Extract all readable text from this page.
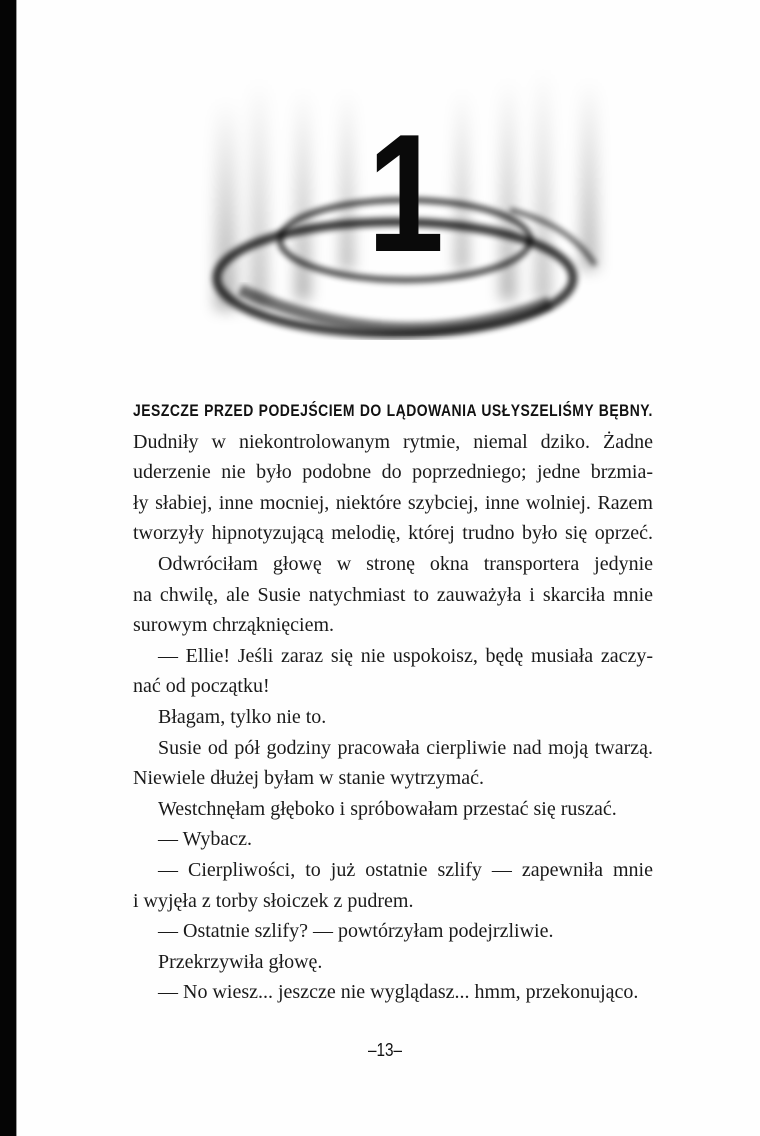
1
JESZCZE PRZED PODEJŚCIEM DO LĄDOWANIA USŁYSZELIŚMY BĘBNY.
Dudniły w niekontrolowanym rytmie, niemal dziko. Żadne
uderzenie nie było podobne do poprzedniego; jedne brzmia-
ły słabiej, inne mocniej, niektóre szybciej, inne wolniej. Razem
tworzyły hipnotyzującą melodię, której trudno było się oprzeć.
Odwróciłam głowę w stronę okna transportera jedynie
na chwilę, ale Susie natychmiast to zauważyła i skarciła mnie
surowym chrząknięciem.
— Ellie! Jeśli zaraz się nie uspokoisz, będę musiała zaczy-
nać od początku!
Błagam, tylko nie to.
Susie od pół godziny pracowała cierpliwie nad moją twarzą.
Niewiele dłużej byłam w stanie wytrzymać.
Westchnęłam głęboko i spróbowałam przestać się ruszać.
— Wybacz.
— Cierpliwości, to już ostatnie szlify — zapewniła mnie
i wyjęła z torby słoiczek z pudrem.
— Ostatnie szlify? — powtórzyłam podejrzliwie.
Przekrzywiła głowę.
— No wiesz... jeszcze nie wyglądasz... hmm, przekonująco.
–13–
